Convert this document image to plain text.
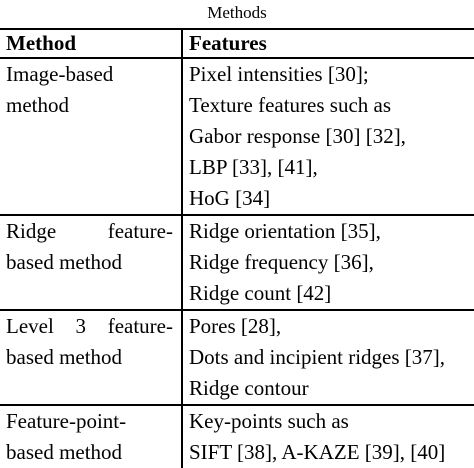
Methods
Method	Features

Image-based
method	Pixel intensities [30];
Texture features such as
Gabor response [30] [32],
LBP [33], [41],
HoG [34]

Ridge feature-
based method	Ridge orientation [35],
Ridge frequency [36],
Ridge count [42]

Level 3 feature-
based method	Pores [28],
Dots and incipient ridges [37],
Ridge contour

Feature-point-
based method	Key-points such as
SIFT [38], A-KAZE [39], [40]
